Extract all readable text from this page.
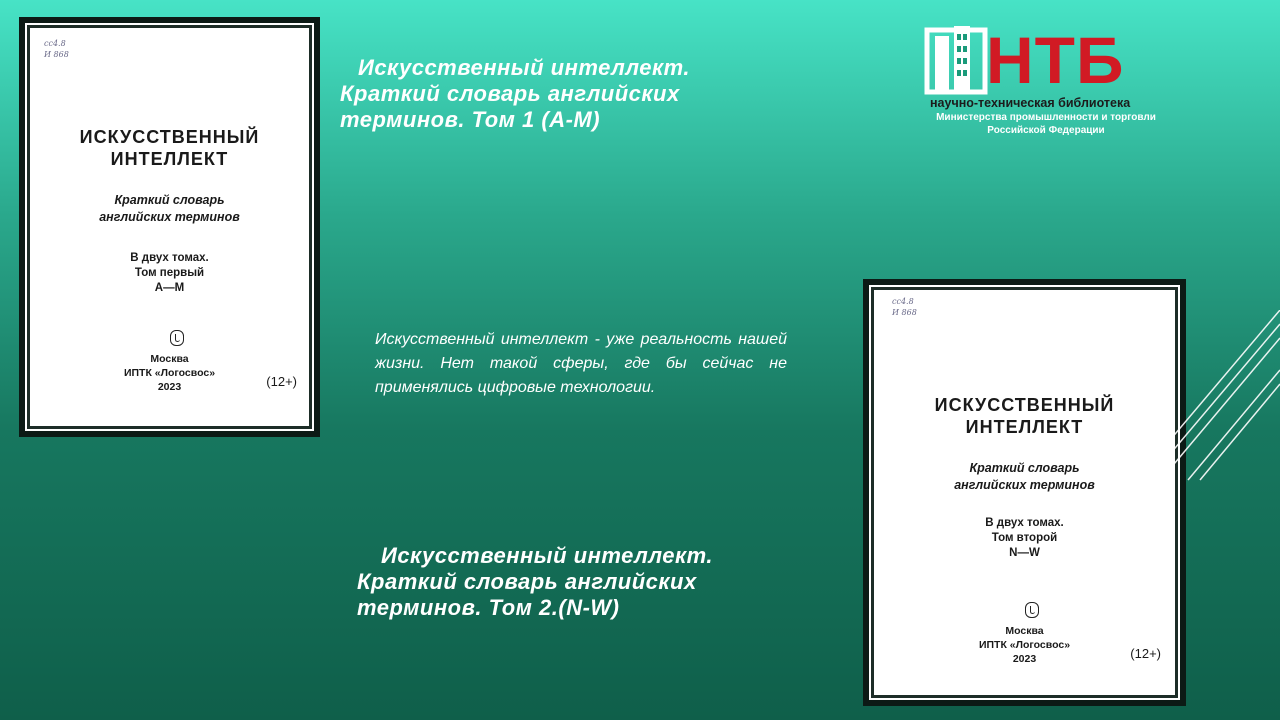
сс4.8
И 868
ИСКУССТВЕННЫЙ
ИНТЕЛЛЕКТ
Краткий словарь
английских терминов
В двух томах.
Том первый
А—М
Москва
ИПТК «Логосвос»
2023	(12+)
Искусственный интеллект.
Краткий словарь английских
терминов. Том 1 (А-М)
Искусственный интеллект - уже реальность нашей жизни. Нет такой сферы, где бы сейчас не применялись цифровые технологии.
Искусственный интеллект.
Краткий словарь английских
терминов. Том 2.(N-W)
НТБ
научно-техническая библиотека
Министерства промышленности и торговли
Российской Федерации
сс4.8
И 868
ИСКУССТВЕННЫЙ
ИНТЕЛЛЕКТ
Краткий словарь
английских терминов
В двух томах.
Том второй
N—W
Москва
ИПТК «Логосвос»
2023	(12+)
